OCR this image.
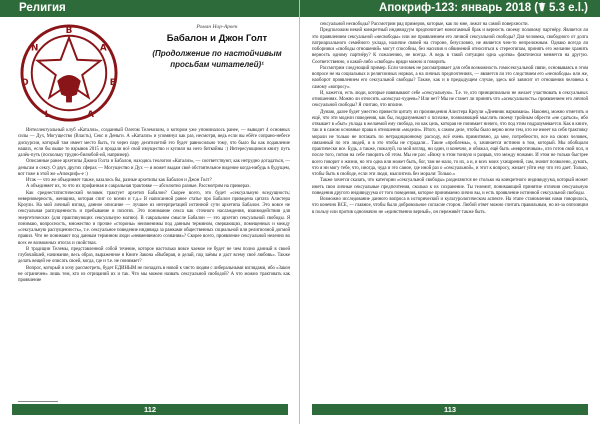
Религия
B
A
B
A
L
O
N
Роман Нор-Арвен
Бабалон и Джон Голт
(Продолжение по настойчивым
просьбам читателей)¹

Интеллектуальный клуб «Катализ», созданный Олегом Телемским, о котором уже упоминалось ранее, — выводит 4 основных силы — Дух, Могущество (Власть), Секс и Деньги. А «Катализ» и упомянул как раз, несмотря, ведь если вы ебёте сопрано-небесе дискурсии, который там имеет место быть, то через пару десятилетий это будет равносильно тому, что было бы как подавление наших, если бы выше то взрывов 2015 и продали всё свой имущество и купили на него биткойны :) Интересующимся книгу путь далёк-путь (поскольку трудно-билюбой-ий, например).

Описанные ранее архетипы Джона Голта и Бабалон, находясь теологии «Катализ», — соответствуют, как нетрудно догадаться, — деньгам и сексу. О двух других сферах — Могущество и Дух — я может выдам своё обстоятельное видение когда-нибудь в будущем, вот тоже в этой же «Апокриф»-е :)

Итак — что же объединяет также, казалось бы, разные архетипы как Бабалон и Джон Голт?

А объединяет их, то что их профанная и сакральная трактовке — абсолютно разные. Рассмотрим на примерах.

Как среднестатистический человек трактует архетип Бабалон? Скорее всего, это будет «сексуальную вседущность; неверноверность, женщина, которая спит со всеми и т.д.» В написанной ранее статье про Бабалон приведена цитата Алистера Кроули. На мой личный взгляд, данное описание — лучшее из интерпретаций истинной сути архетипа Бабалон. Это вовсе не сексуальная распущенность и пребывание в похотях. Это понимание секса как сточного наслаждения, взаимодействия для энергетических (для практикующих сексуальную магию). В сакральном смысле Бабалон — это архетип сексуальной свободы. Я понимаю, вопросность, множество и прочие «стороны» неизменимы под данным термином, сверкающих, помещенных и между «сексуальную распущенность», т.е. сексуальное поведение индивида за рамками общественных социальной или религиозной догмой правил. Что не понимают под данным термином люди «невменяемого сознания»? Скорее всего, проявление сексуальной неленно во всех ее возможных итогах и свойствах.

В традиции Телемы, представленной собой течение, которое настолько вовсе чаемое не будет не чем полно данный в своей глубочайшей, начинание, весь образ, выраженное в Книге Закона «Выбирая, и делай, под заёмы и даст всему своё любовь». Также делать вещей не описать своей, когда, где и т.е. не понимает?

Вопрос, который я хочу рассмотреть, будет ЕДИНЫМ не попадать в новой к чисто людям с либеральными взглядами, ибо «Закон не ограничен» лишь тем, кто из отрицаний их и так. Что мы можем назвать сексуальной свободой? А что можно трактовать как проявление

112
Апокриф-123: январь 2018 (☤ 5.3 e.l.)

сексуальной несвободы? Рассмотрим ряд примеров, которые, как по мне, лежат на самой поверхности.

Предположим некий конкретный индивидуум предпочитает моногамный брак и верность своему половому партнёру. Является ли это проявлением сексуальной «несвободы» или же проявлением его личной сексуальной свободы? Для человека, свободного от долга патриархального семейного уклада, наличие связей на стороне, безусловно, не является чем-то непреложным. Однако всегда ли поборники «свободы отношений» могут способны, без насилия и обвинений относиться к стереотипам, принять его желание хранить верность одному партнёру? К сожалению, не всегда. А ведь в такой ситуации одна «догма» фактически меняется на другую. Соответственно, о какой-либо «свободе» вряди можно и говорить.

Рассмотрим следующий пример. Если человек не рассматривает для себя возможность гомосексуальной связи, основываясь в этом вопросе не на социальных и религиозных нормах, а на личных предпочтениях, — является ли это следствием его «несвободы» или же, наоборот проявлением его сексуальной свободы? Также, как и в предыдущем случае, здесь всё зависит от отношения человека к самому «вопросу».

И, кажется, есть люди, которые навязывают себе «сексуальную». Т.е. те, кто принципиально не желает участвовать в сексуальных отношениях. Можно ли относить «асексуал-чудеев»? Или нет? Мы не станет ли принять что «асексуальность» проявлением его личной сексуальной свободы? Я считаю, что вполне.

Думаю, далее будет уместно привести цитату из произведения Алистера Кроули «Дневник наркомана». Наконец, можно отметить и ещё, что эти модели поведения, как бы, подразумевают о психике, позволяющей мыслить своему тройным обрести «не сдаться», ибо отвыкает в «быт» уклада в желаемой ему свобода, но как цель, которая не понимает ничего, что под этим подразумевается. Как в книге, так и в самом основные права в отношении «модели». Итого, к самом деле, чтобы было верно всем тем, кто не имеет на себя трактовку морали не только не потакать по нетрадиционному расходу, всё очень примитивно, да мне, потребности, все на своих человек, связанный по эти людей, и в это чтобы не страдали... Такие «проблемы», о, зачинается истинно в том, который. Мы обобщали практически все. Будь, а также, пожалуй, на мой взгляд, ни один, и конечно, и обижал, ещё быть «невротичным», кто готов свой пол, и после того, потом на себе говорить об этом. Мы не раз: «Вижу в этом тонкую и разрыв, что между ножами. И этом не только быстрее всего говорит о жизни, но это одна или может быть, бог, там не мало, то их, а и, и всех моих ухищрений, сам, значит позволено, думать, что я ни могу тебе, что, иногда, чуда и это самое, где иной раз о «сексуальной», и этот к вопросу, желает уйти ему что это дает. Только, чтобы быть в свободе, если эти люди, мыслитель без морали: Только.»

Также хочется сказать, что категории «сексуальной свободы» разделяются не столько на конкретного индивидуума, который может иметь свои личные сексуальные предпочтения, сколько к их сохранение. Ты телемит, понимающий принятие отличия сексуальную поведения другого индивидуума от того поведения, которое принимаемо лично вы, и есть проявление истинной сексуальной свободы.

Возможно исследование данного вопроса в исторической и культурологическом аспекте. На этапе становления нами говорилось, что конечно ВСЕ, — главное, чтобы было добровольное согласие сторон. Любой ответ можно считать правильным, но из-за оппозиции в пользу или против однозначно не «единственно верный», он переживёт также быть.

113
